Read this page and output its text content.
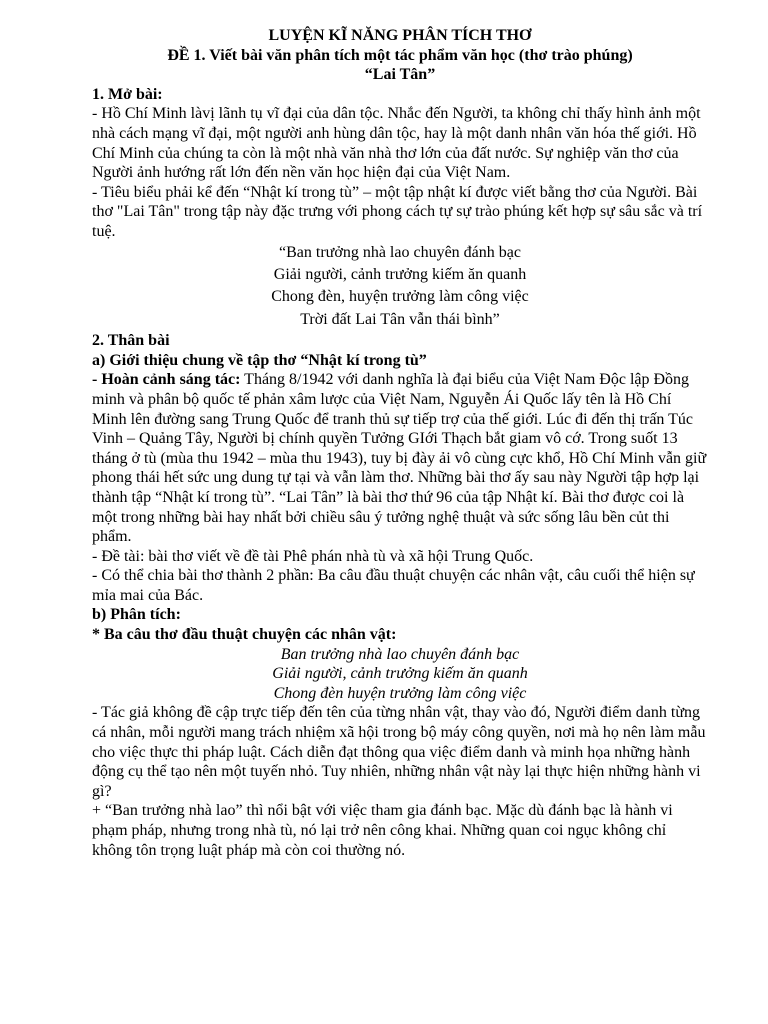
LUYỆN KĨ NĂNG PHÂN TÍCH THƠ

ĐỀ 1. Viết bài văn phân tích một tác phẩm văn học (thơ trào phúng)

“Lai Tân”

1. Mở bài:

- Hồ Chí Minh làvị lãnh tụ vĩ đại của dân tộc. Nhắc đến Người, ta không chỉ thấy hình ảnh một nhà cách mạng vĩ đại, một người anh hùng dân tộc, hay là một danh nhân văn hóa thế giới. Hồ Chí Minh của chúng ta còn là một nhà văn nhà thơ lớn của đất nước. Sự nghiệp văn thơ của Người ảnh hướng rất lớn đến nền văn học hiện đại của Việt Nam.

- Tiêu biểu phải kể đến “Nhật kí trong tù” – một tập nhật kí được viết bằng thơ của Người. Bài thơ "Lai Tân" trong tập này đặc trưng với phong cách tự sự trào phúng kết hợp sự sâu sắc và trí tuệ.

“Ban trưởng nhà lao chuyên đánh bạc

Giải người, cảnh trưởng kiếm ăn quanh

Chong đèn, huyện trưởng làm công việc

Trời đất Lai Tân vẫn thái bình”

2. Thân bài

a) Giới thiệu chung về tập thơ “Nhật kí trong tù”

- Hoàn cảnh sáng tác: Tháng 8/1942 với danh nghĩa là đại biểu của Việt Nam Độc lập Đồng minh và phân bộ quốc tế phản xâm lược của Việt Nam, Nguyễn Ái Quốc lấy tên là Hồ Chí Minh lên đường sang Trung Quốc để tranh thủ sự tiếp trợ của thế giới. Lúc đi đến thị trấn Túc Vinh – Quảng Tây, Người bị chính quyền Tưởng GIới Thạch bắt giam vô cớ. Trong suốt 13 tháng ở tù (mùa thu 1942 – mùa thu 1943), tuy bị đày ải vô cùng cực khổ, Hồ Chí Minh vẫn giữ phong thái hết sức ung dung tự tại và vẫn làm thơ. Những bài thơ ấy sau này Người tập hợp lại thành tập “Nhật kí trong tù”. “Lai Tân” là bài thơ thứ 96 của tập Nhật kí. Bài thơ được coi là một trong những bài hay nhất bởi chiều sâu ý tưởng nghệ thuật và sức sống lâu bền củt thi phẩm.

- Đề tài: bài thơ viết về đề tài Phê phán nhà tù và xã hội Trung Quốc.

- Có thể chia bài thơ thành 2 phần: Ba câu đầu thuật chuyện các nhân vật, câu cuối thể hiện sự mỉa mai của Bác.

b) Phân tích:

* Ba câu thơ đầu thuật chuyện các nhân vật:

Ban trưởng nhà lao chuyên đánh bạc

Giải người, cảnh trưởng kiếm ăn quanh

Chong đèn huyện trưởng làm công việc

- Tác giả không đề cập trực tiếp đến tên của từng nhân vật, thay vào đó, Người điểm danh từng cá nhân, mỗi người mang trách nhiệm xã hội trong bộ máy công quyền, nơi mà họ nên làm mẫu cho việc thực thi pháp luật. Cách diễn đạt thông qua việc điểm danh và minh họa những hành động cụ thể tạo nên một tuyến nhỏ. Tuy nhiên, những nhân vật này lại thực hiện những hành vi gì?

+ “Ban trưởng nhà lao” thì nổi bật với việc tham gia đánh bạc. Mặc dù đánh bạc là hành vi phạm pháp, nhưng trong nhà tù, nó lại trở nên công khai. Những quan coi ngục không chỉ không tôn trọng luật pháp mà còn coi thường nó.
